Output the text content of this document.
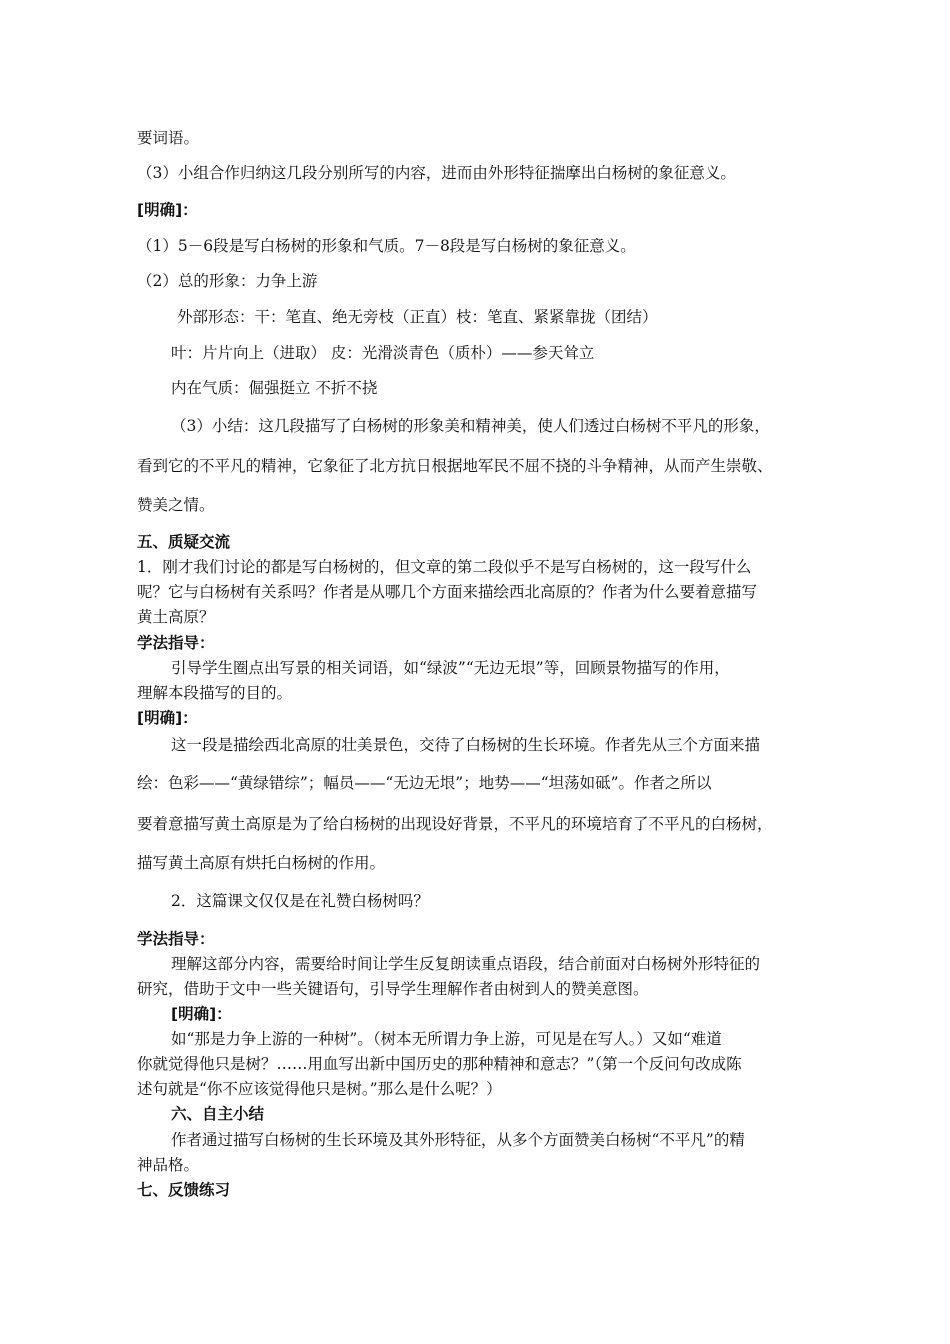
要词语。
（3）小组合作归纳这几段分别所写的内容，进而由外形特征揣摩出白杨树的象征意义。
[明确]：
（1）5－6段是写白杨树的形象和气质。7－8段是写白杨树的象征意义。
（2）总的形象：力争上游
外部形态：干：笔直、绝无旁枝（正直）枝：笔直、紧紧靠拢（团结）
叶：片片向上（进取） 皮：光滑淡青色（质朴）——参天耸立
内在气质：倔强挺立 不折不挠
（3）小结：这几段描写了白杨树的形象美和精神美，使人们透过白杨树不平凡的形象，
看到它的不平凡的精神，它象征了北方抗日根据地军民不屈不挠的斗争精神，从而产生崇敬、
赞美之情。
五、质疑交流
1．刚才我们讨论的都是写白杨树的，但文章的第二段似乎不是写白杨树的，这一段写什么
呢？它与白杨树有关系吗？作者是从哪几个方面来描绘西北高原的？作者为什么要着意描写
黄土高原？
学法指导：
引导学生圈点出写景的相关词语，如“绿波”“无边无垠”等，回顾景物描写的作用，
理解本段描写的目的。
[明确]：
这一段是描绘西北高原的壮美景色，交待了白杨树的生长环境。作者先从三个方面来描
绘：色彩——“黄绿错综”；幅员——“无边无垠”；地势——“坦荡如砥”。作者之所以
要着意描写黄土高原是为了给白杨树的出现设好背景，不平凡的环境培育了不平凡的白杨树，
描写黄土高原有烘托白杨树的作用。
2．这篇课文仅仅是在礼赞白杨树吗？
学法指导：
理解这部分内容，需要给时间让学生反复朗读重点语段，结合前面对白杨树外形特征的
研究，借助于文中一些关键语句，引导学生理解作者由树到人的赞美意图。
[明确]：
如“那是力争上游的一种树”。（树本无所谓力争上游，可见是在写人。）又如“难道
你就觉得他只是树？……用血写出新中国历史的那种精神和意志？”（第一个反问句改成陈
述句就是“你不应该觉得他只是树。”那么是什么呢？）
六、自主小结
作者通过描写白杨树的生长环境及其外形特征，从多个方面赞美白杨树“不平凡”的精
神品格。
七、反馈练习
